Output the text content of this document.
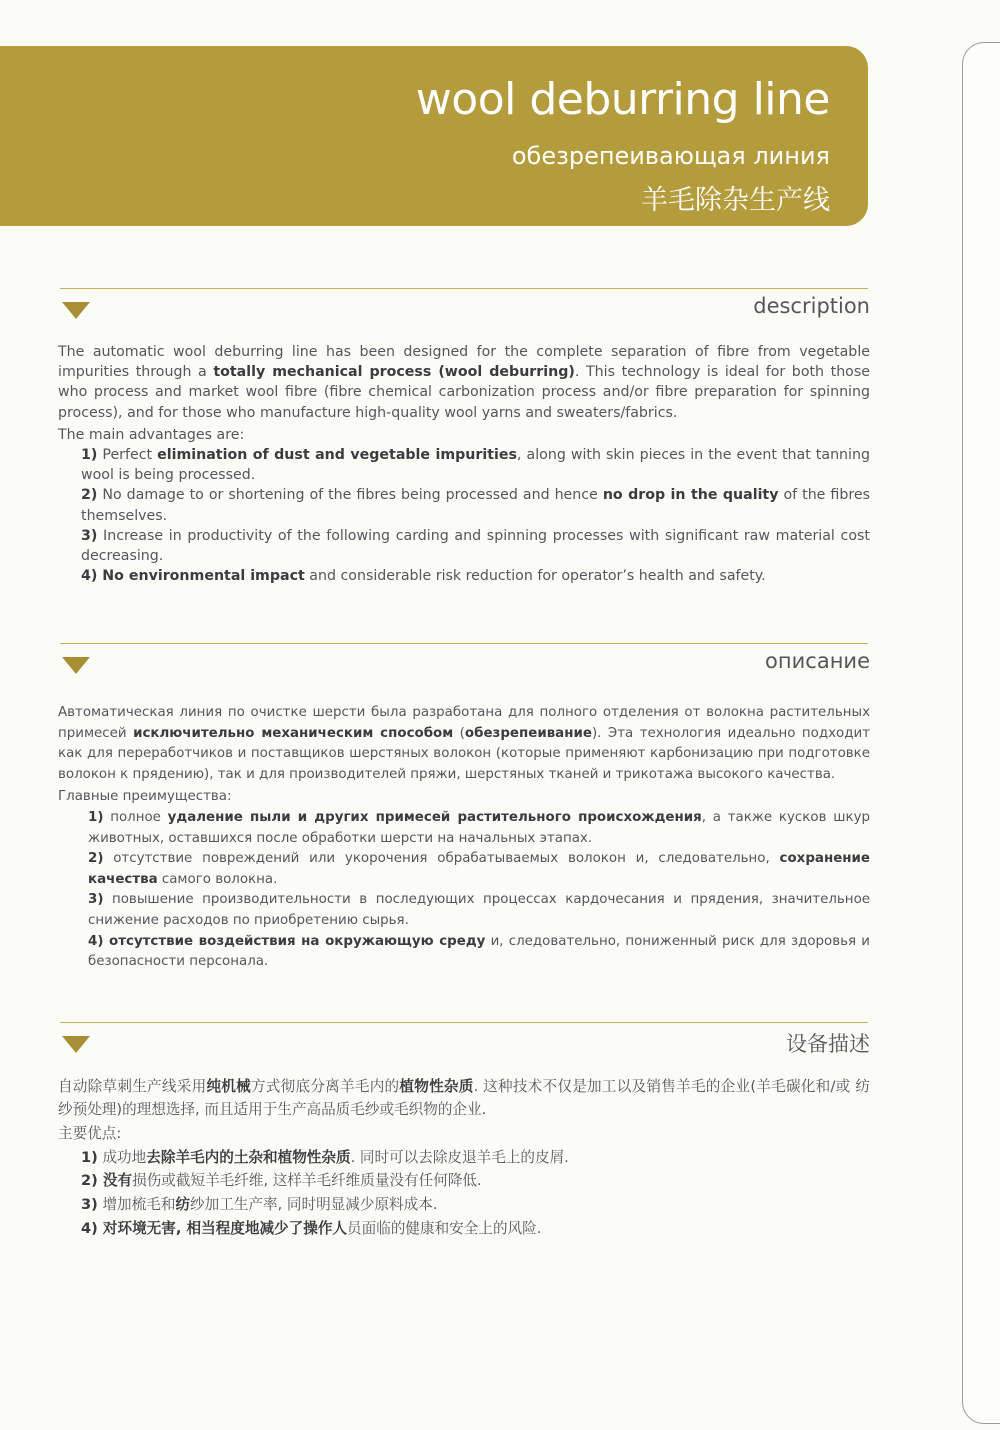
wool deburring line
обезрепеивающая линия
羊毛除杂生产线
description

The automatic wool deburring line has been designed for the complete separation of fibre from vegetable impurities through a totally mechanical process (wool deburring). This technology is ideal for both those who process and market wool fibre (fibre chemical carbonization process and/or fibre preparation for spinning process), and for those who manufacture high-quality wool yarns and sweaters/fabrics.

The main advantages are:

1) Perfect elimination of dust and vegetable impurities, along with skin pieces in the event that tanning wool is being processed.
2) No damage to or shortening of the fibres being processed and hence no drop in the quality of the fibres themselves.
3) Increase in productivity of the following carding and spinning processes with significant raw material cost decreasing.
4) No environmental impact and considerable risk reduction for operator’s health and safety.
описание

Автоматическая линия по очистке шерсти была разработана для полного отделения от волокна растительных примесей исключительно механическим способом (обезрепеивание). Эта технология идеально подходит как для переработчиков и поставщиков шерстяных волокон (которые применяют карбонизацию при подготовке волокон к прядению), так и для производителей пряжи, шерстяных тканей и трикотажа высокого качества.

Главные преимущества:

1) полное удаление пыли и других примесей растительного происхождения, а также кусков шкур животных, оставшихся после обработки шерсти на начальных этапах.
2) отсутствие повреждений или укорочения обрабатываемых волокон и, следовательно, сохранение качества самого волокна.
3) повышение производительности в последующих процессах кардочесания и прядения, значительное снижение расходов по приобретению сырья.
4) отсутствие воздействия на окружающую среду и, следовательно, пониженный риск для здоровья и безопасности персонала.
设备描述

自动除草刺生产线采用纯机械方式彻底分离羊毛内的植物性杂质. 这种技术不仅是加工以及销售羊毛的企业(羊毛碳化和/或 纺纱预处理)的理想选择, 而且适用于生产高品质毛纱或毛织物的企业.

主要优点:

1) 成功地去除羊毛内的土杂和植物性杂质. 同时可以去除皮退羊毛上的皮屑.
2) 没有损伤或截短羊毛纤维, 这样羊毛纤维质量没有任何降低.
3) 增加梳毛和纺纱加工生产率, 同时明显减少原料成本.
4) 对环境无害, 相当程度地减少了操作人员面临的健康和安全上的风险.
